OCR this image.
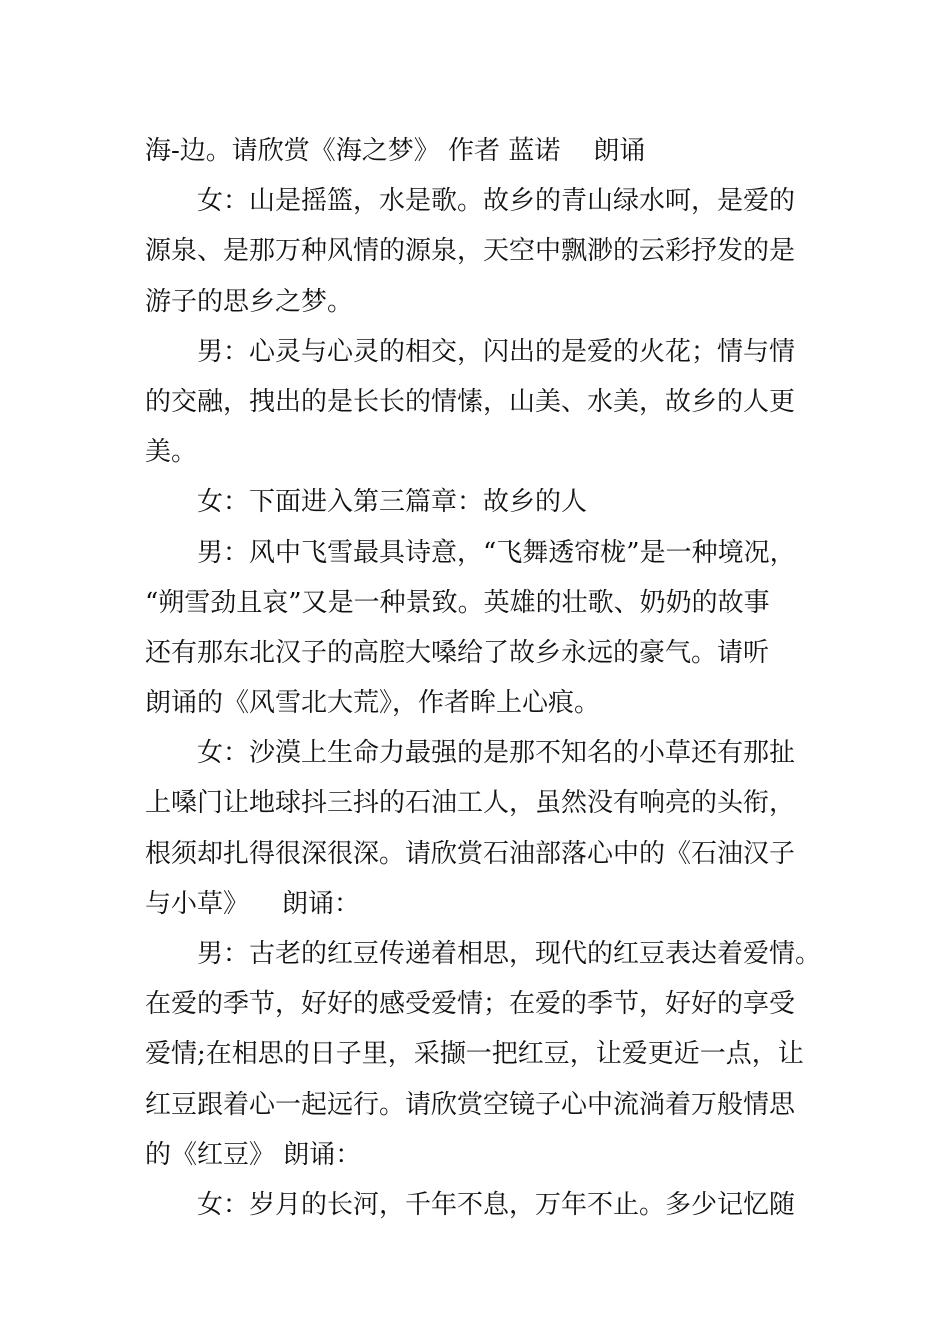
海-边。请欣赏《海之梦》 作者 蓝诺    朗诵
女：山是摇篮，水是歌。故乡的青山绿水呵，是爱的
源泉、是那万种风情的源泉，天空中飘渺的云彩抒发的是
游子的思乡之梦。
男：心灵与心灵的相交，闪出的是爱的火花；情与情
的交融，拽出的是长长的情愫，山美、水美，故乡的人更
美。
女：下面进入第三篇章：故乡的人
男：风中飞雪最具诗意，“飞舞透帘栊”是一种境况，
“朔雪劲且哀”又是一种景致。英雄的壮歌、奶奶的故事
还有那东北汉子的高腔大嗓给了故乡永远的豪气。请听
朗诵的《风雪北大荒》，作者眸上心痕。
女：沙漠上生命力最强的是那不知名的小草还有那扯
上嗓门让地球抖三抖的石油工人，虽然没有响亮的头衔，
根须却扎得很深很深。请欣赏石油部落心中的《石油汉子
与小草》    朗诵：
男：古老的红豆传递着相思，现代的红豆表达着爱情。
在爱的季节，好好的感受爱情；在爱的季节，好好的享受
爱情;在相思的日子里，采撷一把红豆，让爱更近一点，让
红豆跟着心一起远行。请欣赏空镜子心中流淌着万般情思
的《红豆》 朗诵：
女：岁月的长河，千年不息，万年不止。多少记忆随
